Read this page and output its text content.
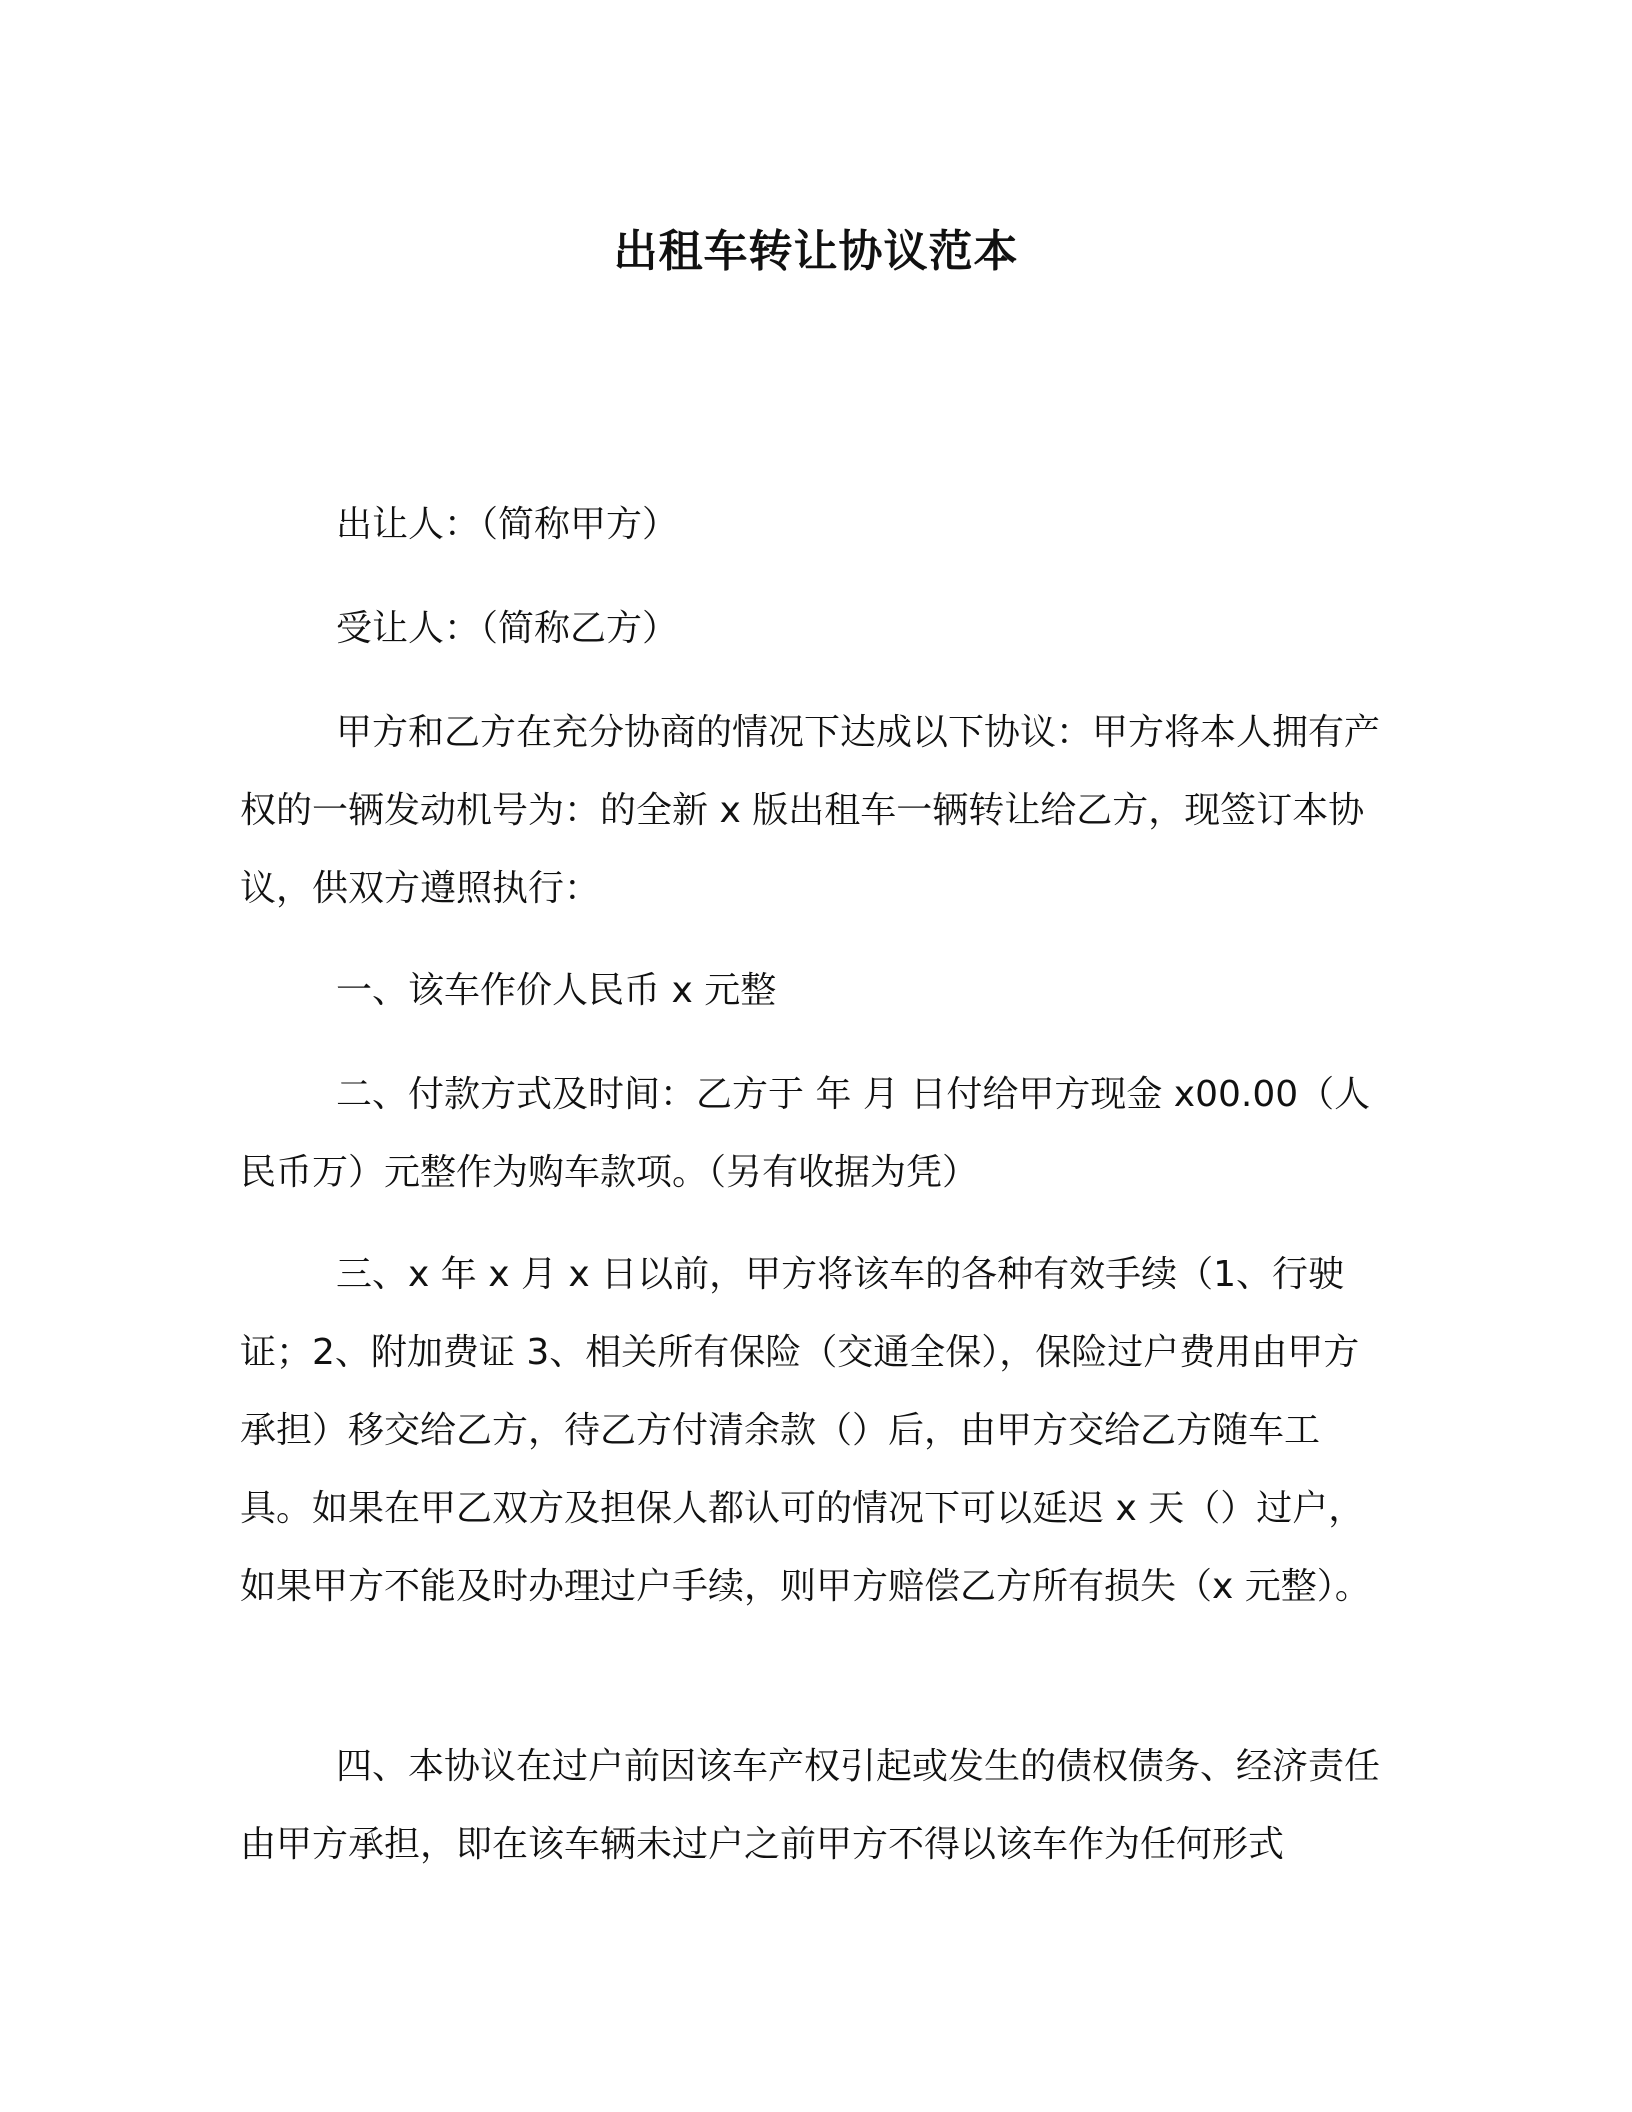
出租车转让协议范本

出让人：（简称甲方）

受让人：（简称乙方）

甲方和乙方在充分协商的情况下达成以下协议：甲方将本人拥有产权的一辆发动机号为：的全新 x 版出租车一辆转让给乙方，现签订本协议，供双方遵照执行：

一、该车作价人民币 x 元整

二、付款方式及时间：乙方于 年 月 日付给甲方现金 x00.00（人民币万）元整作为购车款项。（另有收据为凭）

三、x 年 x 月 x 日以前，甲方将该车的各种有效手续（1、行驶证；2、附加费证 3、相关所有保险（交通全保），保险过户费用由甲方承担）移交给乙方，待乙方付清余款（）后，由甲方交给乙方随车工具。如果在甲乙双方及担保人都认可的情况下可以延迟 x 天（）过户，如果甲方不能及时办理过户手续，则甲方赔偿乙方所有损失（x 元整）。

四、本协议在过户前因该车产权引起或发生的债权债务、经济责任由甲方承担，即在该车辆未过户之前甲方不得以该车作为任何形式
